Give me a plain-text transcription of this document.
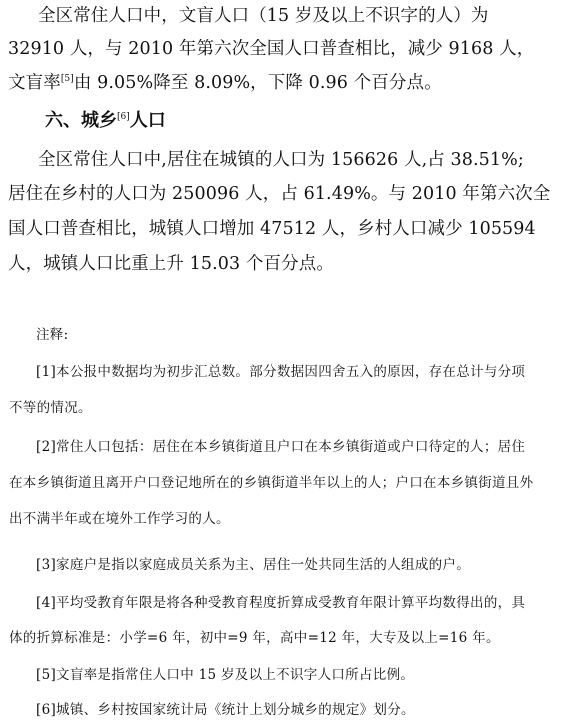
全区常住人口中，文盲人口（15 岁及以上不识字的人）为
32910 人，与 2010 年第六次全国人口普查相比，减少 9168 人，
文盲率[5]由 9.05%降至 8.09%，下降 0.96 个百分点。
六、城乡[6]人口
全区常住人口中,居住在城镇的人口为 156626 人,占 38.51%;
居住在乡村的人口为 250096 人，占 61.49%。与 2010 年第六次全
国人口普查相比，城镇人口增加 47512 人，乡村人口减少 105594
人，城镇人口比重上升 15.03 个百分点。
注释:
[1]本公报中数据均为初步汇总数。部分数据因四舍五入的原因，存在总计与分项
不等的情况。
[2]常住人口包括：居住在本乡镇街道且户口在本乡镇街道或户口待定的人；居住
在本乡镇街道且离开户口登记地所在的乡镇街道半年以上的人；户口在本乡镇街道且外
出不满半年或在境外工作学习的人。
[3]家庭户是指以家庭成员关系为主、居住一处共同生活的人组成的户。
[4]平均受教育年限是将各种受教育程度折算成受教育年限计算平均数得出的，具
体的折算标准是：小学=6 年，初中=9 年，高中=12 年，大专及以上=16 年。
[5]文盲率是指常住人口中 15 岁及以上不识字人口所占比例。
[6]城镇、乡村按国家统计局《统计上划分城乡的规定》划分。
